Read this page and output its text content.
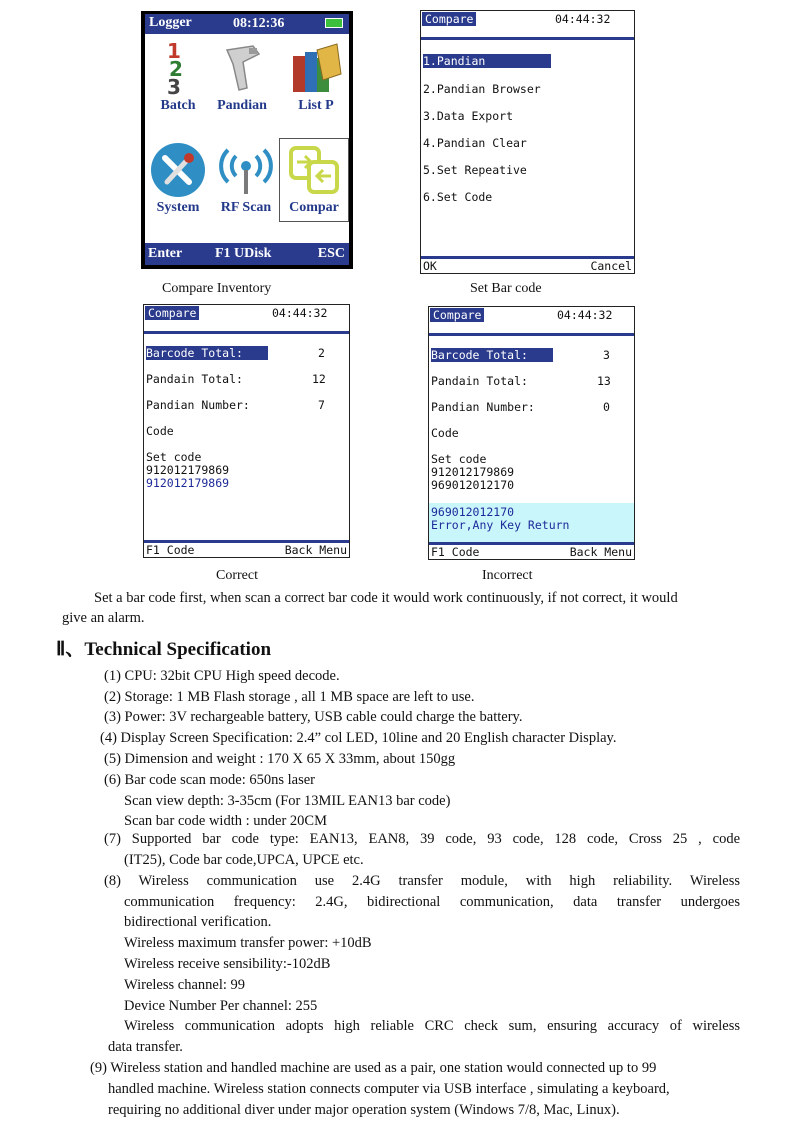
Logger	08:12:36
1
2
3
Batch	Pandian	List P
System	RF Scan	Compar
Enter F1 UDisk	ESC
Compare Inventory
Compare	04:44:32
1.Pandian
2.Pandian Browser
3.Data Export
4.Pandian Clear
5.Set Repeative
6.Set Code
OK	Cancel
Set Bar code
Compare	04:44:32
Barcode Total:	2
Pandain Total:	12
Pandian Number:	7
Code
Set code
912012179869
912012179869
F1 Code	Back Menu
Correct
Compare	04:44:32
Barcode Total:	3
Pandain Total:	13
Pandian Number:	0
Code
Set code
912012179869
969012012170
969012012170
Error,Any Key Return
F1 Code	Back Menu
Incorrect
Set a bar code first, when scan a correct bar code it would work continuously, if not correct, it would
give an alarm.
Ⅱ、Technical Specification
(1) CPU: 32bit CPU High speed decode.
(2) Storage: 1 MB Flash storage , all 1 MB space are left to use.
(3) Power: 3V rechargeable battery, USB cable could charge the battery.
(4) Display Screen Specification: 2.4” col LED, 10line and 20 English character Display.
(5) Dimension and weight : 170 X 65 X 33mm, about 150gg
(6) Bar code scan mode: 650ns laser
Scan view depth: 3-35cm (For 13MIL EAN13 bar code)
Scan bar code width : under 20CM
(7) Supported bar code type: EAN13, EAN8, 39 code, 93 code, 128 code, Cross 25 , code
(IT25), Code bar code,UPCA, UPCE etc.
(8) Wireless communication use 2.4G transfer module, with high reliability. Wireless
communication frequency: 2.4G, bidirectional communication, data transfer undergoes
bidirectional verification.
Wireless maximum transfer power: +10dB
Wireless receive sensibility:-102dB
Wireless channel: 99
Device Number Per channel: 255
Wireless communication adopts high reliable CRC check sum, ensuring accuracy of wireless
data transfer.
(9) Wireless station and handled machine are used as a pair, one station would connected up to 99
handled machine. Wireless station connects computer via USB interface , simulating a keyboard,
requiring no additional diver under major operation system (Windows 7/8, Mac, Linux).
